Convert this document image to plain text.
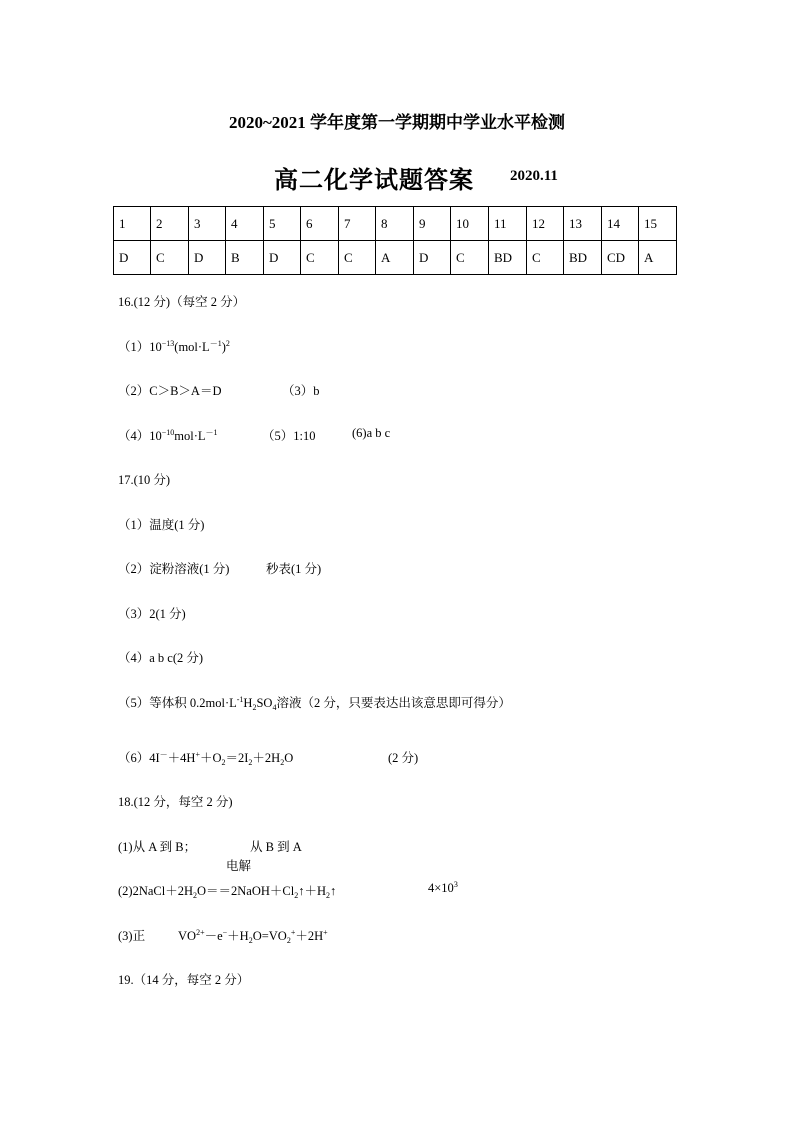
2020~2021 学年度第一学期期中学业水平检测
高二化学试题答案 2020.11
1	2	3	4	5	6	7	8	9	10	11	12	13	14	15
D	C	D	B	D	C	C	A	D	C	BD	C	BD	CD	A
16.(12 分)（每空 2 分）
$(1)10^{-13}(mol\cdot L^{-1})^2$
（2）C＞B＞A＝D	（3）b
$(4)10^{-10}mol\cdot L^{-1}$	（5）1:10	(6)a b c
17.(10 分)
（1）温度(1 分)
（2）淀粉溶液(1 分)	秒表(1 分)
（3）2(1 分)
（4）a b c(2 分)
（5）等体积 $0.2mol\cdot L^{-1}H_2SO_4$溶液（2 分，只要表达出该意思即可得分）
$(6)4I^-+4H^++O_2=2I_2+2H_2O$	(2 分)
18.(12 分，每空 2 分)
(1)从 A 到 B；	从 B 到 A
电解
$(2)2NaCl+2H_2O==2NaOH+Cl_2↑+H_2↑$	$4\times 10^3$
(3)正	$VO^{2+}-e^-+H_2O=VO_2^++2H^+$
19.（14 分，每空 2 分）
